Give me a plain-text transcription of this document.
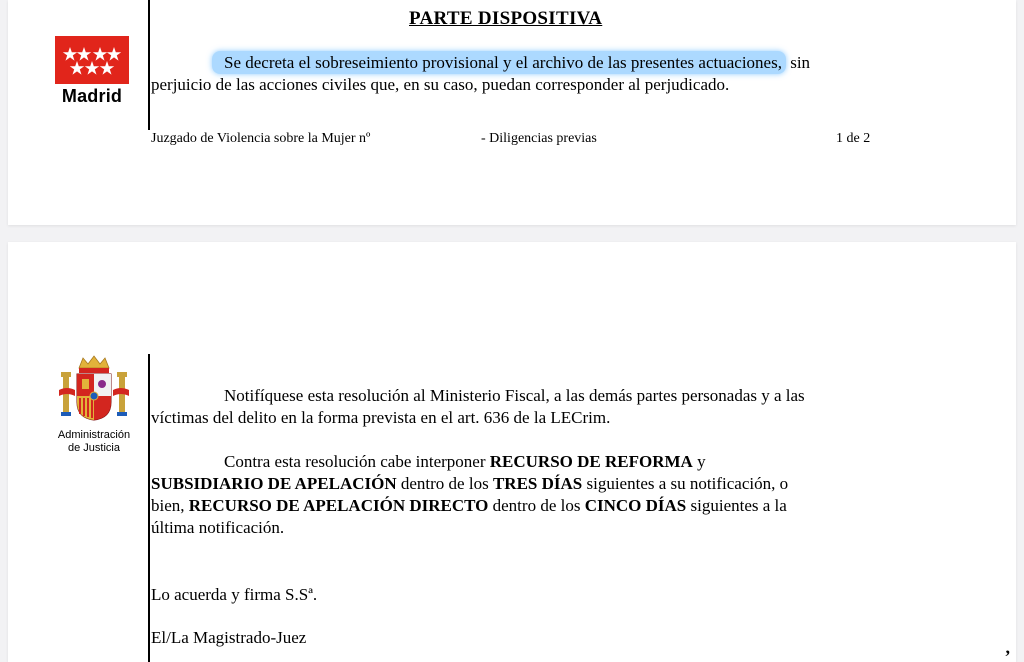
Madrid
PARTE DISPOSITIVA
Se decreta el sobreseimiento provisional y el archivo de las presentes actuaciones, sin
perjuicio de las acciones civiles que, en su caso, puedan corresponder al perjudicado.
Juzgado de Violencia sobre la Mujer nº	- Diligencias previas	1 de 2
Administración
de Justicia
Notifíquese esta resolución al Ministerio Fiscal, a las demás partes personadas y a las
víctimas del delito en la forma prevista en el art. 636 de la LECrim.
Contra esta resolución cabe interponer RECURSO DE REFORMA y
SUBSIDIARIO DE APELACIÓN dentro de los TRES DÍAS siguientes a su notificación, o
bien, RECURSO DE APELACIÓN DIRECTO dentro de los CINCO DÍAS siguientes a la
última notificación.
Lo acuerda y firma S.Sª.
El/La Magistrado-Juez	,
